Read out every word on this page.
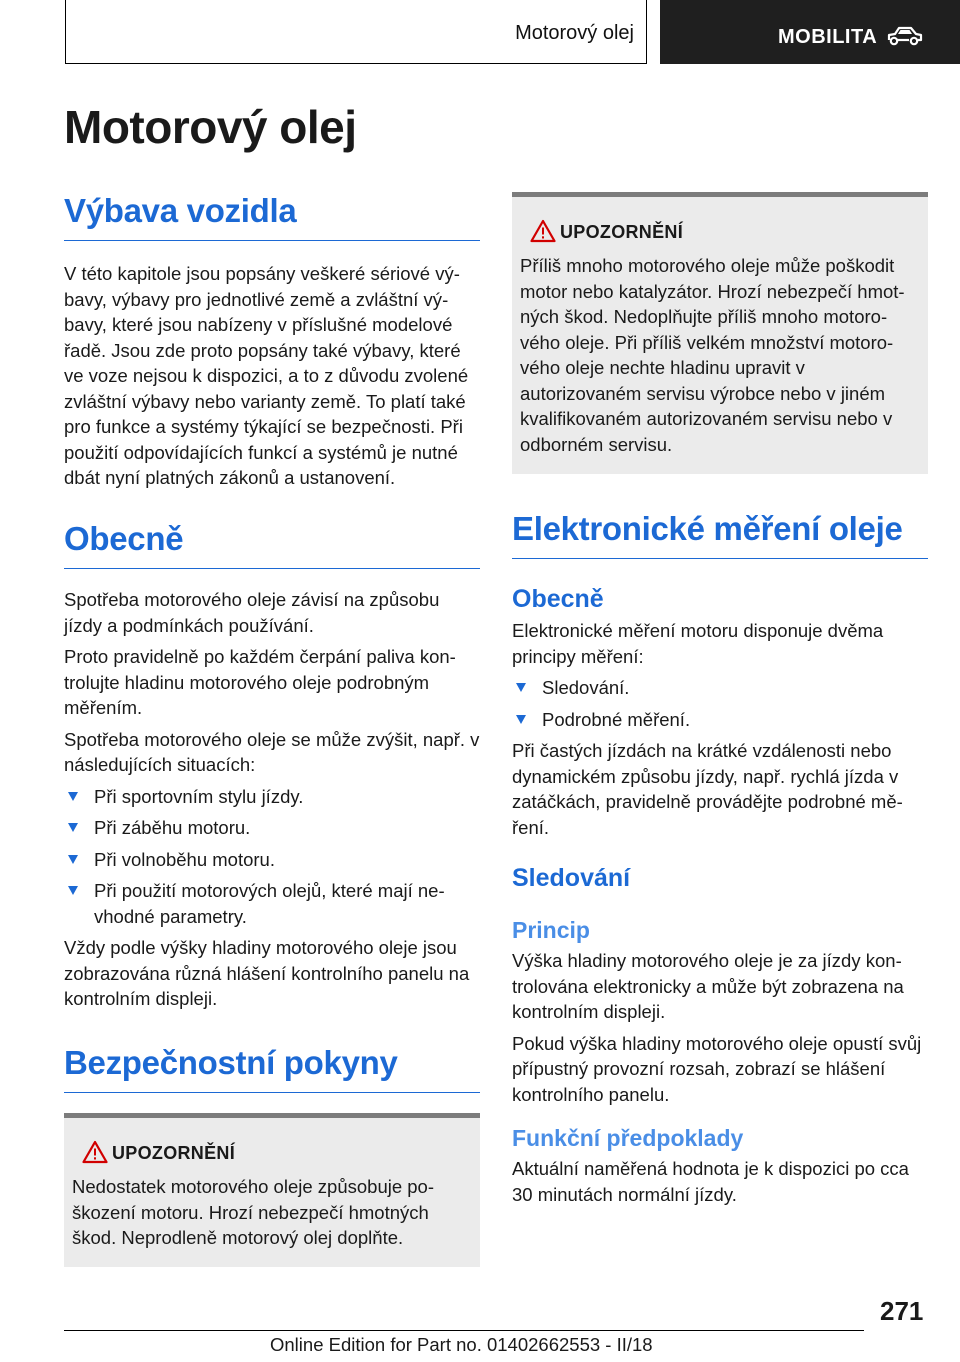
Motorový olej	MOBILITA
Motorový olej
Výbava vozidla

V této kapitole jsou popsány veškeré sériové výbavy, výbavy pro jednotlivé země a zvláštní výbavy, které jsou nabízeny v příslušné modelové řadě. Jsou zde proto popsány také výbavy, které ve voze nejsou k dispozici, a to z důvodu zvolené zvláštní výbavy nebo varianty země. To platí také pro funkce a systémy týkající se bezpečnosti. Při použití odpovídajících funkcí a systémů je nutné dbát nyní platných zákonů a ustanovení.

Obecně

Spotřeba motorového oleje závisí na způsobu jízdy a podmínkách používání.

Proto pravidelně po každém čerpání paliva kontrolujte hladinu motorového oleje podrobným měřením.

Spotřeba motorového oleje se může zvýšit, např. v následujících situacích:

Při sportovním stylu jízdy.
Při záběhu motoru.
Při volnoběhu motoru.
Při použití motorových olejů, které mají nevhodné parametry.

Vždy podle výšky hladiny motorového oleje jsou zobrazována různá hlášení kontrolního panelu na kontrolním displeji.

Bezpečnostní pokyny
UPOZORNĚNÍ
Nedostatek motorového oleje způsobuje poškození motoru. Hrozí nebezpečí hmotných škod. Neprodleně motorový olej doplňte.
UPOZORNĚNÍ
Příliš mnoho motorového oleje může poškodit motor nebo katalyzátor. Hrozí nebezpečí hmotných škod. Nedoplňujte příliš mnoho motorového oleje. Při příliš velkém množství motorového oleje nechte hladinu upravit v autorizovaném servisu výrobce nebo v jiném kvalifikovaném autorizovaném servisu nebo v odborném servisu.
Elektronické měření oleje
Obecně

Elektronické měření motoru disponuje dvěma principy měření:

Sledování.
Podrobné měření.

Při častých jízdách na krátké vzdálenosti nebo dynamickém způsobu jízdy, např. rychlá jízda v zatáčkách, pravidelně provádějte podrobné měření.

Sledování
Princip

Výška hladiny motorového oleje je za jízdy kontrolována elektronicky a může být zobrazena na kontrolním displeji.

Pokud výška hladiny motorového oleje opustí svůj přípustný provozní rozsah, zobrazí se hlášení kontrolního panelu.

Funkční předpoklady

Aktuální naměřená hodnota je k dispozici po cca 30 minutách normální jízdy.

271
Online Edition for Part no. 01402662553 - II/18
